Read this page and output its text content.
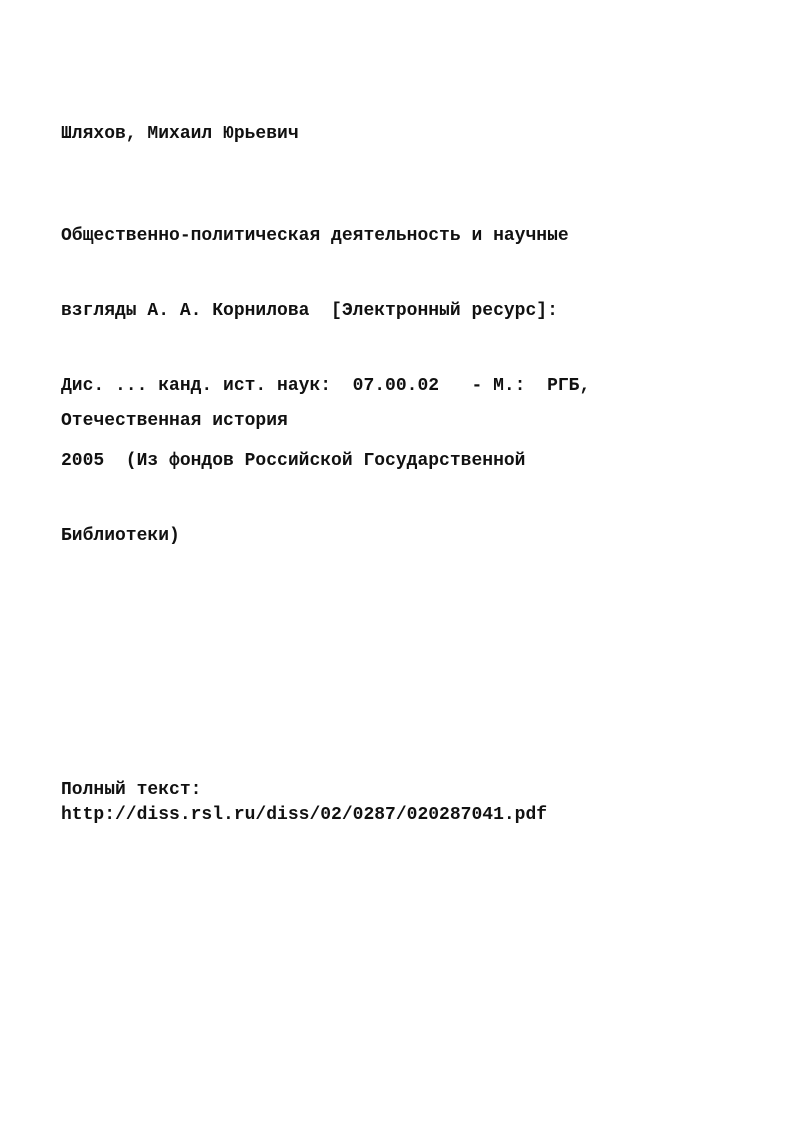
Шляхов, Михаил Юрьевич

Общественно-политическая деятельность и научные

взгляды А. А. Корнилова  [Электронный ресурс]:

Дис. ... канд. ист. наук:  07.00.02   - М.:  РГБ,

2005  (Из фондов Российской Государственной

Библиотеки)

Отечественная история
Полный текст:
http://diss.rsl.ru/diss/02/0287/020287041.pdf
